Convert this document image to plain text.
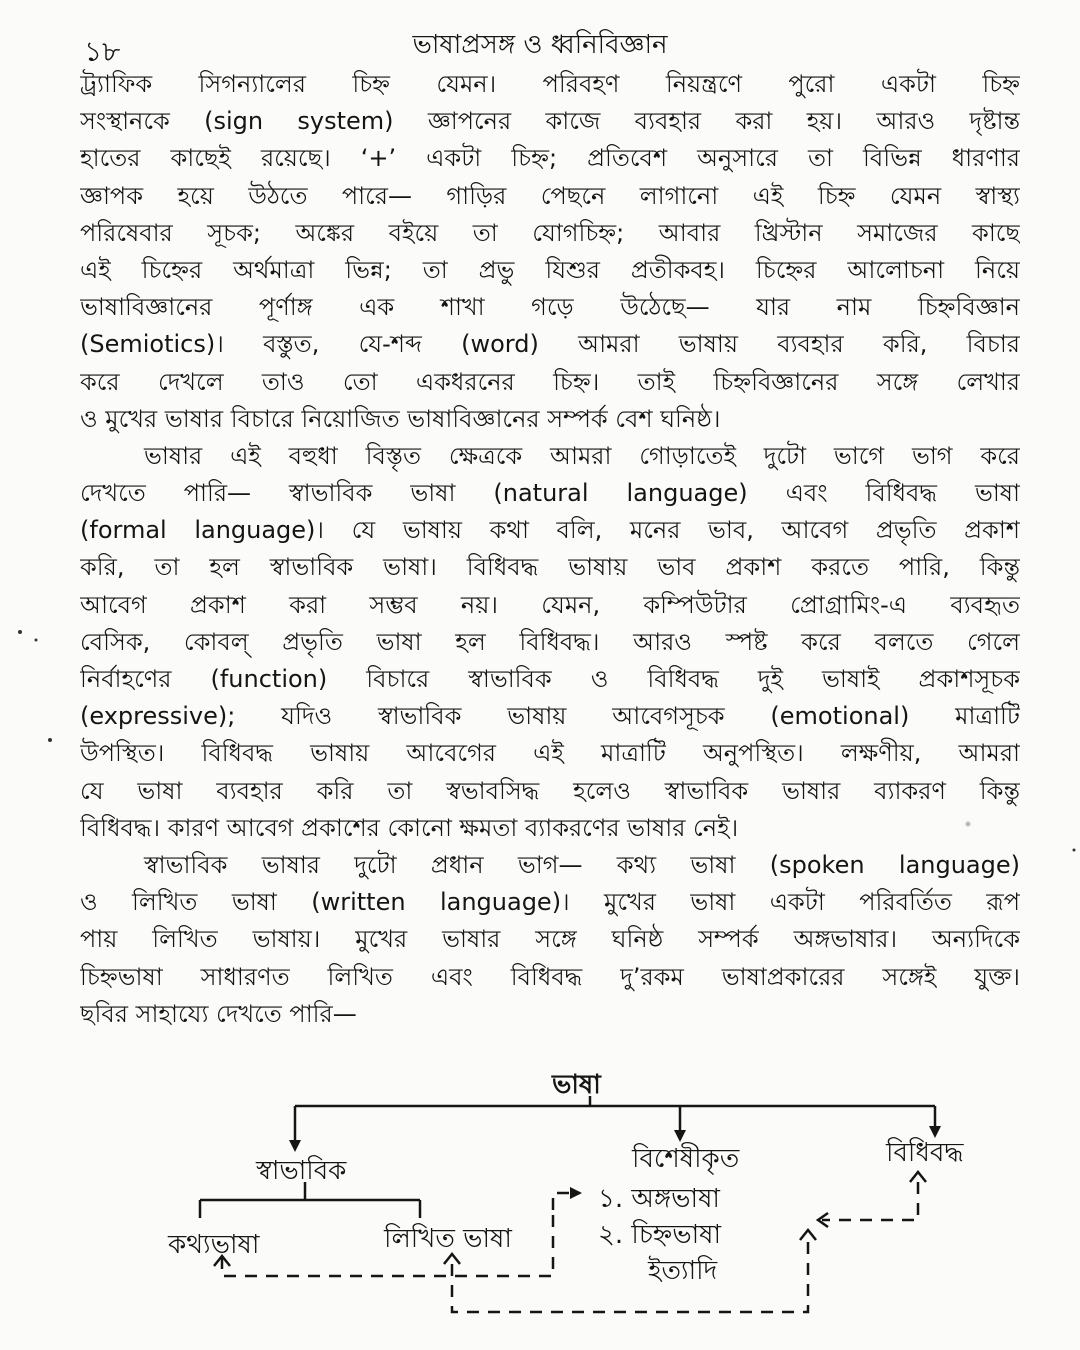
১৮	ভাষাপ্রসঙ্গ ও ধ্বনিবিজ্ঞান
ট্র্যাফিক সিগন্যালের চিহ্ন যেমন। পরিবহণ নিয়ন্ত্রণে পুরো একটা চিহ্ন
সংস্থানকে (sign system) জ্ঞাপনের কাজে ব্যবহার করা হয়। আরও দৃষ্টান্ত
হাতের কাছেই রয়েছে। ‘+’ একটা চিহ্ন; প্রতিবেশ অনুসারে তা বিভিন্ন ধারণার
জ্ঞাপক হয়ে উঠতে পারে— গাড়ির পেছনে লাগানো এই চিহ্ন যেমন স্বাস্থ্য
পরিষেবার সূচক; অঙ্কের বইয়ে তা যোগচিহ্ন; আবার খ্রিস্টান সমাজের কাছে
এই চিহ্নের অর্থমাত্রা ভিন্ন; তা প্রভু যিশুর প্রতীকবহ। চিহ্নের আলোচনা নিয়ে
ভাষাবিজ্ঞানের পূর্ণাঙ্গ এক শাখা গড়ে উঠেছে— যার নাম চিহ্নবিজ্ঞান
(Semiotics)। বস্তুত, যে-শব্দ (word) আমরা ভাষায় ব্যবহার করি, বিচার
করে দেখলে তাও তো একধরনের চিহ্ন। তাই চিহ্নবিজ্ঞানের সঙ্গে লেখার
ও মুখের ভাষার বিচারে নিয়োজিত ভাষাবিজ্ঞানের সম্পর্ক বেশ ঘনিষ্ঠ।
ভাষার এই বহুধা বিস্তৃত ক্ষেত্রকে আমরা গোড়াতেই দুটো ভাগে ভাগ করে
দেখতে পারি— স্বাভাবিক ভাষা (natural language) এবং বিধিবদ্ধ ভাষা
(formal language)। যে ভাষায় কথা বলি, মনের ভাব, আবেগ প্রভৃতি প্রকাশ
করি, তা হল স্বাভাবিক ভাষা। বিধিবদ্ধ ভাষায় ভাব প্রকাশ করতে পারি, কিন্তু
আবেগ প্রকাশ করা সম্ভব নয়। যেমন, কম্পিউটার প্রোগ্রামিং-এ ব্যবহৃত
বেসিক, কোবল্ প্রভৃতি ভাষা হল বিধিবদ্ধ। আরও স্পষ্ট করে বলতে গেলে
নির্বাহণের (function) বিচারে স্বাভাবিক ও বিধিবদ্ধ দুই ভাষাই প্রকাশসূচক
(expressive); যদিও স্বাভাবিক ভাষায় আবেগসূচক (emotional) মাত্রাটি
উপস্থিত। বিধিবদ্ধ ভাষায় আবেগের এই মাত্রাটি অনুপস্থিত। লক্ষণীয়, আমরা
যে ভাষা ব্যবহার করি তা স্বভাবসিদ্ধ হলেও স্বাভাবিক ভাষার ব্যাকরণ কিন্তু
বিধিবদ্ধ। কারণ আবেগ প্রকাশের কোনো ক্ষমতা ব্যাকরণের ভাষার নেই।
স্বাভাবিক ভাষার দুটো প্রধান ভাগ— কথ্য ভাষা (spoken language)
ও লিখিত ভাষা (written language)। মুখের ভাষা একটা পরিবর্তিত রূপ
পায় লিখিত ভাষায়। মুখের ভাষার সঙ্গে ঘনিষ্ঠ সম্পর্ক অঙ্গভাষার। অন্যদিকে
চিহ্নভাষা সাধারণত লিখিত এবং বিধিবদ্ধ দু’রকম ভাষাপ্রকারের সঙ্গেই যুক্ত।
ছবির সাহায্যে দেখতে পারি—
ভাষা
স্বাভাবিক	বিশেষীকৃত	বিধিবদ্ধ
কথ্যভাষা	লিখিত ভাষা
১. অঙ্গভাষা
২. চিহ্নভাষা
ইত্যাদি
